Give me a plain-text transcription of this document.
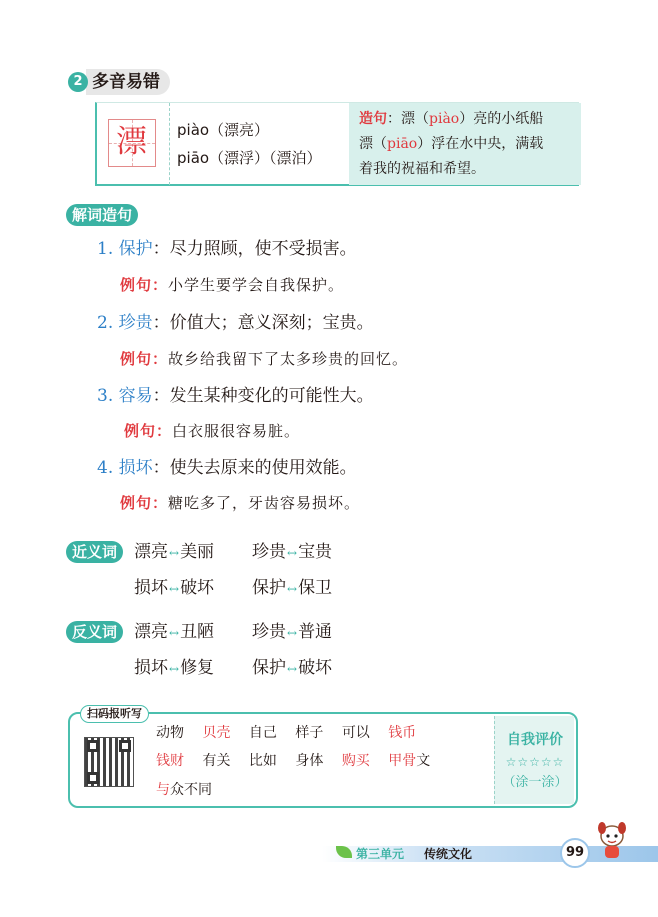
多音易错
2
漂	piào（漂亮）
piāo（漂浮）（漂泊）
造句：漂（piào）亮的小纸船
漂（piāo）浮在水中央，满载
着我的祝福和希望。
解词造句
1. 保护：尽力照顾，使不受损害。
例句：小学生要学会自我保护。
2. 珍贵：价值大；意义深刻；宝贵。
例句：故乡给我留下了太多珍贵的回忆。
3. 容易：发生某种变化的可能性大。
例句：白衣服很容易脏。
4. 损坏：使失去原来的使用效能。
例句：糖吃多了，牙齿容易损坏。
近义词 漂亮↔美丽 珍贵↔宝贵
损坏↔破坏 保护↔保卫
反义词 漂亮↔丑陋 珍贵↔普通
损坏↔修复 保护↔破坏
扫码报听写
动物  贝壳  自己  样子  可以  钱币
钱财  有关  比如  身体  购买  甲骨文
与众不同
自我评价
☆☆☆☆☆
（涂一涂）
第三单元 传统文化	99
